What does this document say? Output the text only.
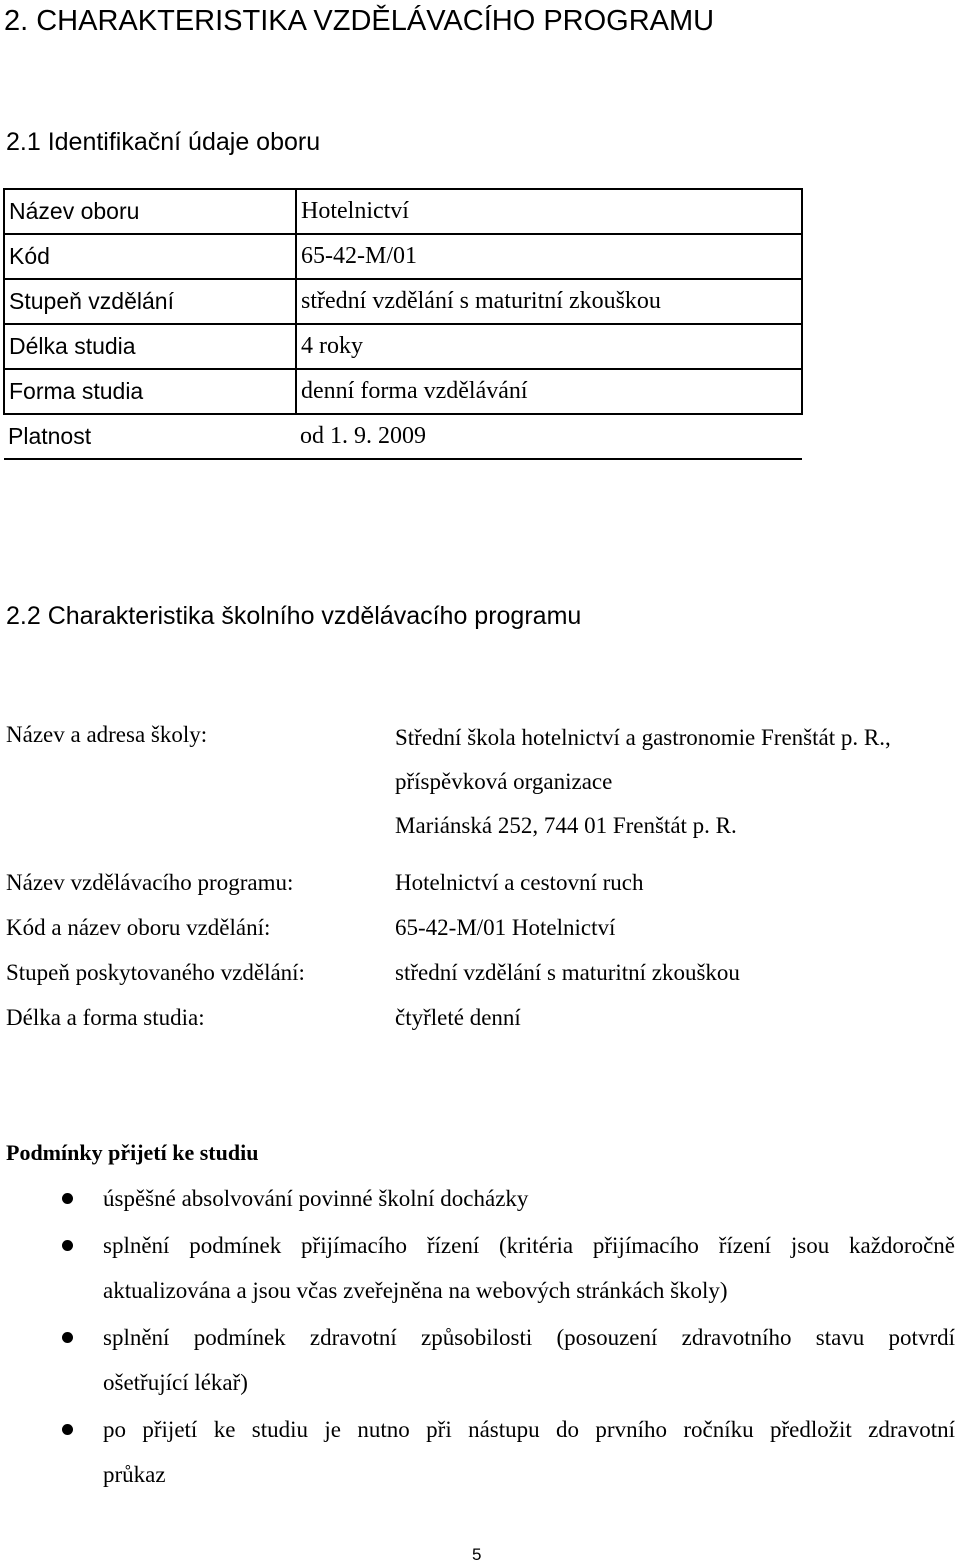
2. CHARAKTERISTIKA VZDĚLÁVACÍHO PROGRAMU
2.1 Identifikační údaje oboru
Název oboru	Hotelnictví
Kód	65-42-M/01
Stupeň vzdělání	střední vzdělání s maturitní zkouškou
Délka studia	4 roky
Forma studia	denní forma vzdělávání
Platnost	od 1. 9. 2009
2.2 Charakteristika školního vzdělávacího programu
Název a adresa školy:	Střední škola hotelnictví a gastronomie Frenštát p. R.,
příspěvková organizace
Mariánská 252, 744 01 Frenštát p. R.
Název vzdělávacího programu:	Hotelnictví a cestovní ruch
Kód a název oboru vzdělání:	65-42-M/01 Hotelnictví
Stupeň poskytovaného vzdělání:	střední vzdělání s maturitní zkouškou
Délka a forma studia:	čtyřleté denní
Podmínky přijetí ke studiu
úspěšné absolvování povinné školní docházky
splnění podmínek přijímacího řízení (kritéria přijímacího řízení jsou každoročně
aktualizována a jsou včas zveřejněna na webových stránkách školy)
splnění podmínek zdravotní způsobilosti (posouzení zdravotního stavu potvrdí
ošetřující lékař)
po přijetí ke studiu je nutno při nástupu do prvního ročníku předložit zdravotní
průkaz
5
